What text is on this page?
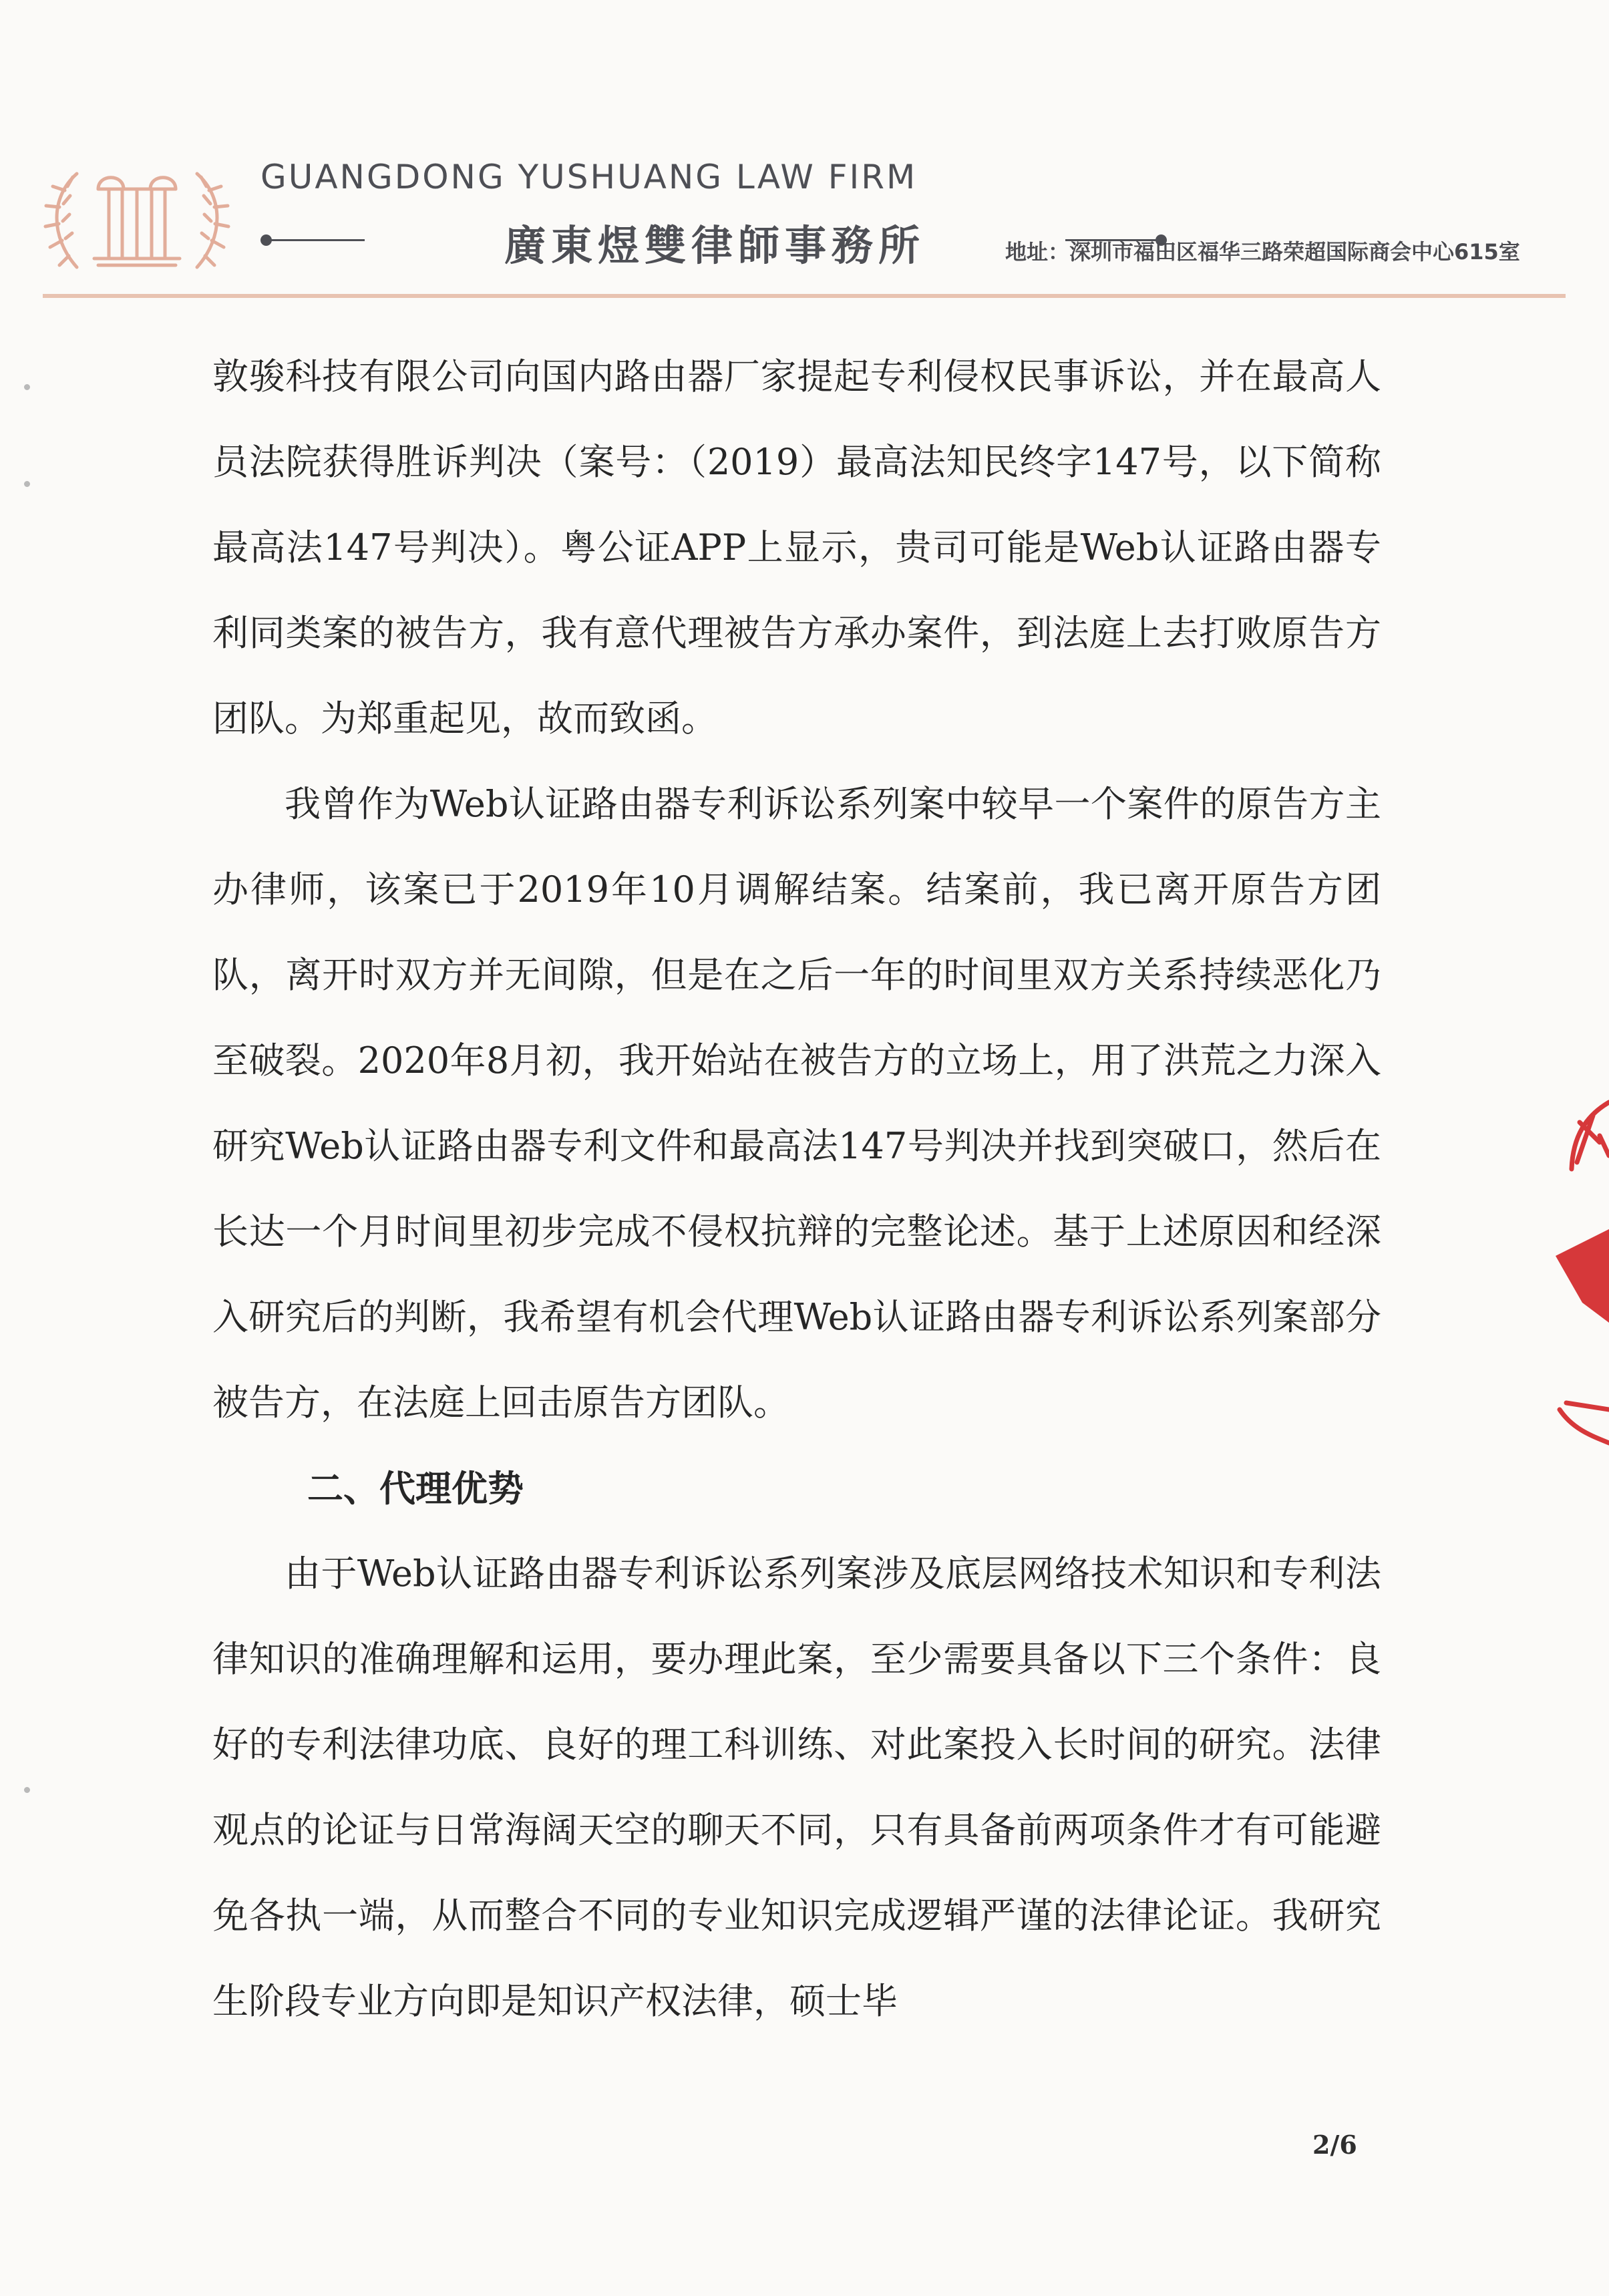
GUANGDONG YUSHUANG LAW FIRM
廣東煜雙律師事務所	地址：深圳市福田区福华三路荣超国际商会中心615室

敦骏科技有限公司向国内路由器厂家提起专利侵权民事诉讼，并在最高人员法院获得胜诉判决（案号：（2019）最高法知民终字147号，以下简称最高法147号判决）。粤公证APP上显示，贵司可能是Web认证路由器专利同类案的被告方，我有意代理被告方承办案件，到法庭上去打败原告方团队。为郑重起见，故而致函。

我曾作为Web认证路由器专利诉讼系列案中较早一个案件的原告方主办律师，该案已于2019年10月调解结案。结案前，我已离开原告方团队，离开时双方并无间隙，但是在之后一年的时间里双方关系持续恶化乃至破裂。2020年8月初，我开始站在被告方的立场上，用了洪荒之力深入研究Web认证路由器专利文件和最高法147号判决并找到突破口，然后在长达一个月时间里初步完成不侵权抗辩的完整论述。基于上述原因和经深入研究后的判断，我希望有机会代理Web认证路由器专利诉讼系列案部分被告方，在法庭上回击原告方团队。

二、代理优势

由于Web认证路由器专利诉讼系列案涉及底层网络技术知识和专利法律知识的准确理解和运用，要办理此案，至少需要具备以下三个条件：良好的专利法律功底、良好的理工科训练、对此案投入长时间的研究。法律观点的论证与日常海阔天空的聊天不同，只有具备前两项条件才有可能避免各执一端，从而整合不同的专业知识完成逻辑严谨的法律论证。我研究生阶段专业方向即是知识产权法律，硕士毕

2/6
